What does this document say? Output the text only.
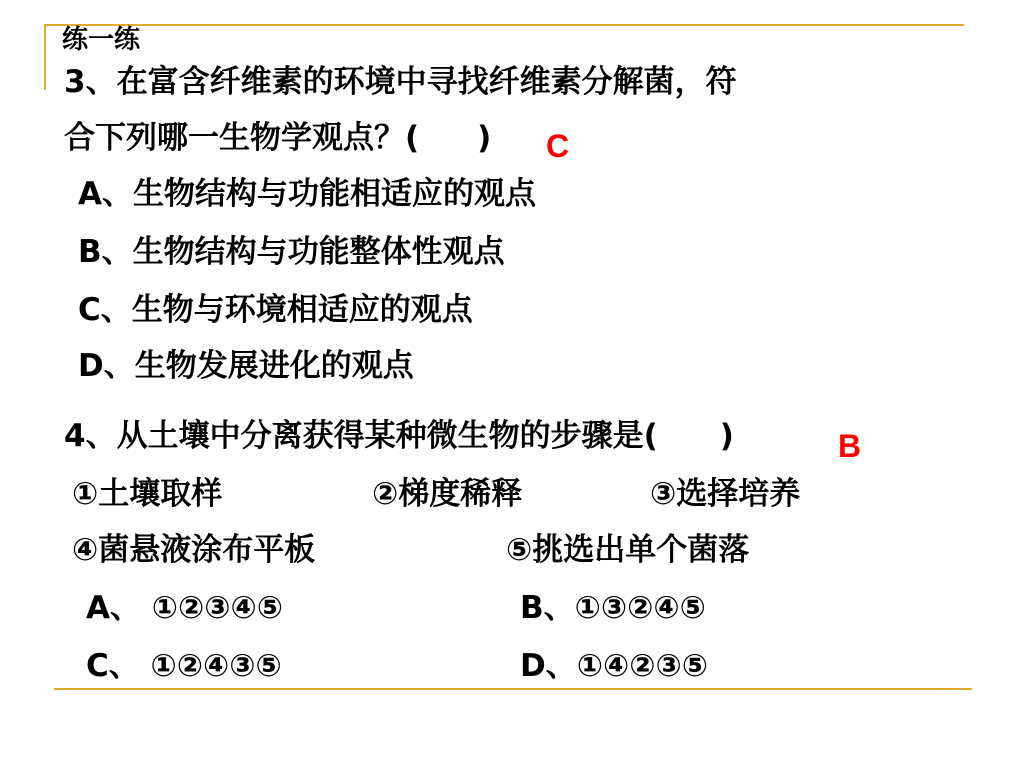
练一练
3、在富含纤维素的环境中寻找纤维素分解菌，符
合下列哪一生物学观点？( ) C
A、生物结构与功能相适应的观点
B、生物结构与功能整体性观点
C、生物与环境相适应的观点
D、生物发展进化的观点
4、从土壤中分离获得某种微生物的步骤是( )	B
①土壤取样	②梯度稀释	③选择培养
④菌悬液涂布平板	⑤挑选出单个菌落
A、 ①②③④⑤	B、①③②④⑤
C、 ①②④③⑤	D、①④②③⑤
